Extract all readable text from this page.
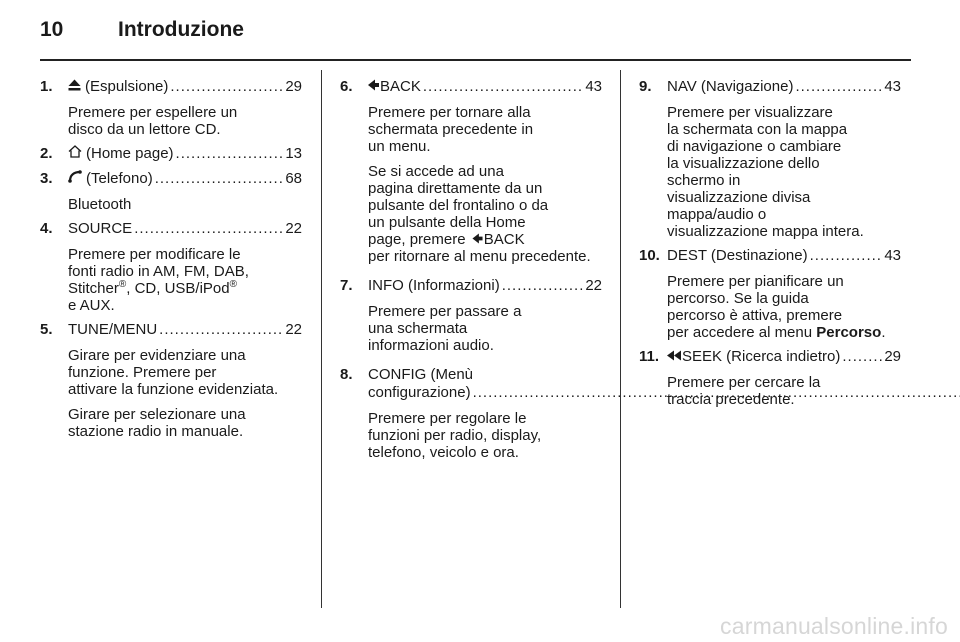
10	Introduzione
1.	(Espulsione) .....	29
Premere per espellere un
disco da un lettore CD.
2.	(Home page) .....	13
3.	(Telefono) .....	68
Bluetooth
4.	SOURCE .....	22
Premere per modificare le
fonti radio in AM, FM, DAB,
Stitcher®, CD, USB/iPod®
e AUX.
5.	TUNE/MENU .....	22
Girare per evidenziare una
funzione. Premere per
attivare la funzione evidenziata.
Girare per selezionare una
stazione radio in manuale.
6.	BACK .....	43
Premere per tornare alla
schermata precedente in
un menu.
Se si accede ad una
pagina direttamente da un
pulsante del frontalino o da
un pulsante della Home
page, premere BACK
per ritornare al menu precedente.
7.	INFO (Informazioni) .....	22
Premere per passare a
una schermata
informazioni audio.
8.	CONFIG (Menù
configurazione)
.....
Premere per regolare le
funzioni per radio, display,
telefono, veicolo e ora.
9.	NAV (Navigazione) .....	43
Premere per visualizzare
la schermata con la mappa
di navigazione o cambiare
la visualizzazione dello
schermo in
visualizzazione divisa
mappa/audio o
visualizzazione mappa intera.
10. DEST (Destinazione) .....	43
Premere per pianificare un
percorso. Se la guida
percorso è attiva, premere
per accedere al menu Percorso.
11.	SEEK (Ricerca indietro) .....	29
Premere per cercare la
traccia precedente.
carmanualsonline.info
